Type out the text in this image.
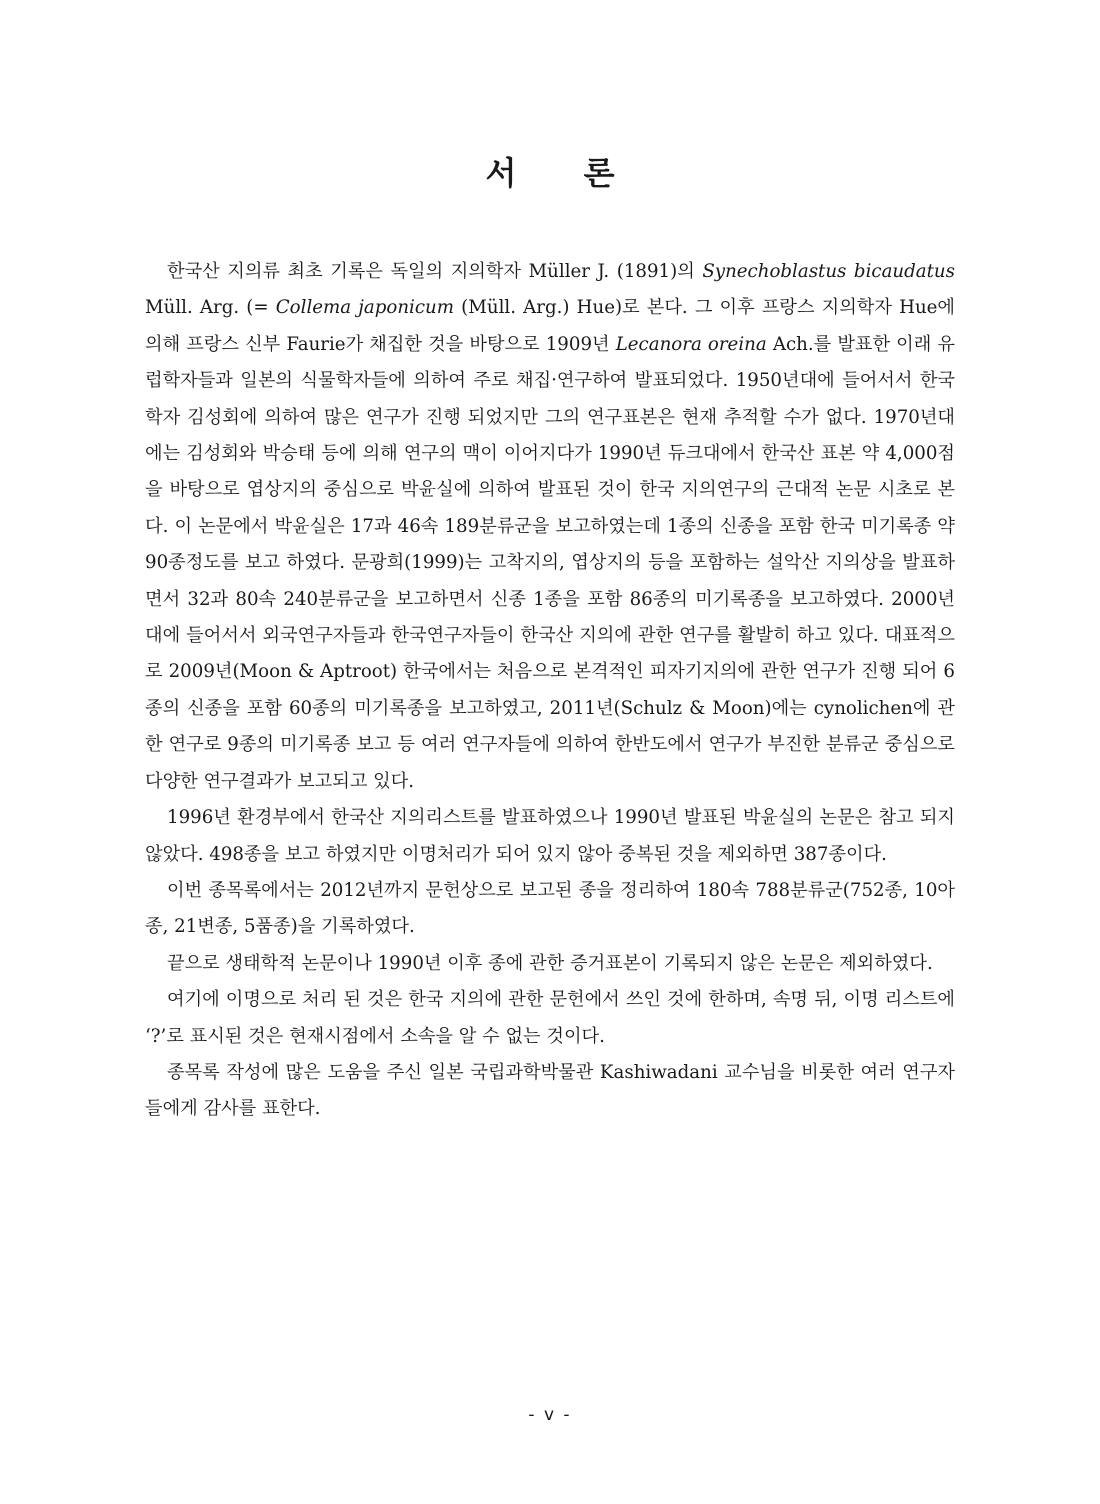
서 론

한국산 지의류 최초 기록은 독일의 지의학자 Müller J. (1891)의 Synechoblastus bicaudatus Müll. Arg. (= Collema japonicum (Müll. Arg.) Hue)로 본다. 그 이후 프랑스 지의학자 Hue에 의해 프랑스 신부 Faurie가 채집한 것을 바탕으로 1909년 Lecanora oreina Ach.를 발표한 이래 유럽학자들과 일본의 식물학자들에 의하여 주로 채집·연구하여 발표되었다. 1950년대에 들어서서 한국학자 김성회에 의하여 많은 연구가 진행 되었지만 그의 연구표본은 현재 추적할 수가 없다. 1970년대에는 김성회와 박승태 등에 의해 연구의 맥이 이어지다가 1990년 듀크대에서 한국산 표본 약 4,000점을 바탕으로 엽상지의 중심으로 박윤실에 의하여 발표된 것이 한국 지의연구의 근대적 논문 시초로 본다. 이 논문에서 박윤실은 17과 46속 189분류군을 보고하였는데 1종의 신종을 포함 한국 미기록종 약 90종정도를 보고 하였다. 문광희(1999)는 고착지의, 엽상지의 등을 포함하는 설악산 지의상을 발표하면서 32과 80속 240분류군을 보고하면서 신종 1종을 포함 86종의 미기록종을 보고하였다. 2000년대에 들어서서 외국연구자들과 한국연구자들이 한국산 지의에 관한 연구를 활발히 하고 있다. 대표적으로 2009년(Moon & Aptroot) 한국에서는 처음으로 본격적인 피자기지의에 관한 연구가 진행 되어 6종의 신종을 포함 60종의 미기록종을 보고하였고, 2011년(Schulz & Moon)에는 cynolichen에 관한 연구로 9종의 미기록종 보고 등 여러 연구자들에 의하여 한반도에서 연구가 부진한 분류군 중심으로 다양한 연구결과가 보고되고 있다.

1996년 환경부에서 한국산 지의리스트를 발표하였으나 1990년 발표된 박윤실의 논문은 참고 되지 않았다. 498종을 보고 하였지만 이명처리가 되어 있지 않아 중복된 것을 제외하면 387종이다.

이번 종목록에서는 2012년까지 문헌상으로 보고된 종을 정리하여 180속 788분류군(752종, 10아종, 21변종, 5품종)을 기록하였다.

끝으로 생태학적 논문이나 1990년 이후 종에 관한 증거표본이 기록되지 않은 논문은 제외하였다.

여기에 이명으로 처리 된 것은 한국 지의에 관한 문헌에서 쓰인 것에 한하며, 속명 뒤, 이명 리스트에 ‘?’로 표시된 것은 현재시점에서 소속을 알 수 없는 것이다.

종목록 작성에 많은 도움을 주신 일본 국립과학박물관 Kashiwadani 교수님을 비롯한 여러 연구자들에게 감사를 표한다.

- v -
